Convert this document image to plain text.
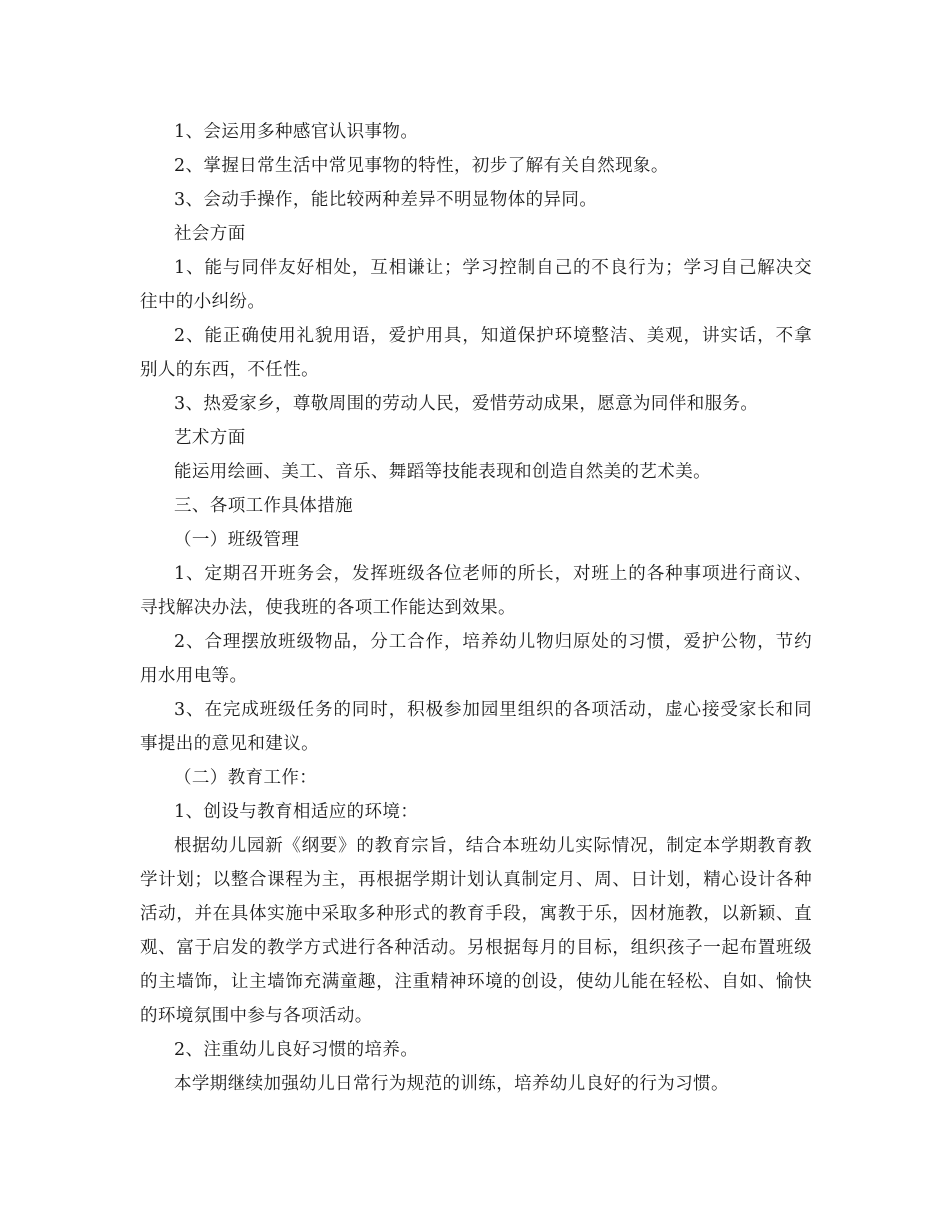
1、会运用多种感官认识事物。

2、掌握日常生活中常见事物的特性，初步了解有关自然现象。

3、会动手操作，能比较两种差异不明显物体的异同。

社会方面

1、能与同伴友好相处，互相谦让；学习控制自己的不良行为；学习自己解决交往中的小纠纷。

2、能正确使用礼貌用语，爱护用具，知道保护环境整洁、美观，讲实话，不拿别人的东西，不任性。

3、热爱家乡，尊敬周围的劳动人民，爱惜劳动成果，愿意为同伴和服务。

艺术方面

能运用绘画、美工、音乐、舞蹈等技能表现和创造自然美的艺术美。

三、各项工作具体措施

（一）班级管理

1、定期召开班务会，发挥班级各位老师的所长，对班上的各种事项进行商议、寻找解决办法，使我班的各项工作能达到效果。

2、合理摆放班级物品，分工合作，培养幼儿物归原处的习惯，爱护公物，节约用水用电等。

3、在完成班级任务的同时，积极参加园里组织的各项活动，虚心接受家长和同事提出的意见和建议。

（二）教育工作：

1、创设与教育相适应的环境：

根据幼儿园新《纲要》的教育宗旨，结合本班幼儿实际情况，制定本学期教育教学计划；以整合课程为主，再根据学期计划认真制定月、周、日计划，精心设计各种活动，并在具体实施中采取多种形式的教育手段，寓教于乐，因材施教，以新颖、直观、富于启发的教学方式进行各种活动。另根据每月的目标，组织孩子一起布置班级的主墙饰，让主墙饰充满童趣，注重精神环境的创设，使幼儿能在轻松、自如、愉快的环境氛围中参与各项活动。

2、注重幼儿良好习惯的培养。

本学期继续加强幼儿日常行为规范的训练，培养幼儿良好的行为习惯。
